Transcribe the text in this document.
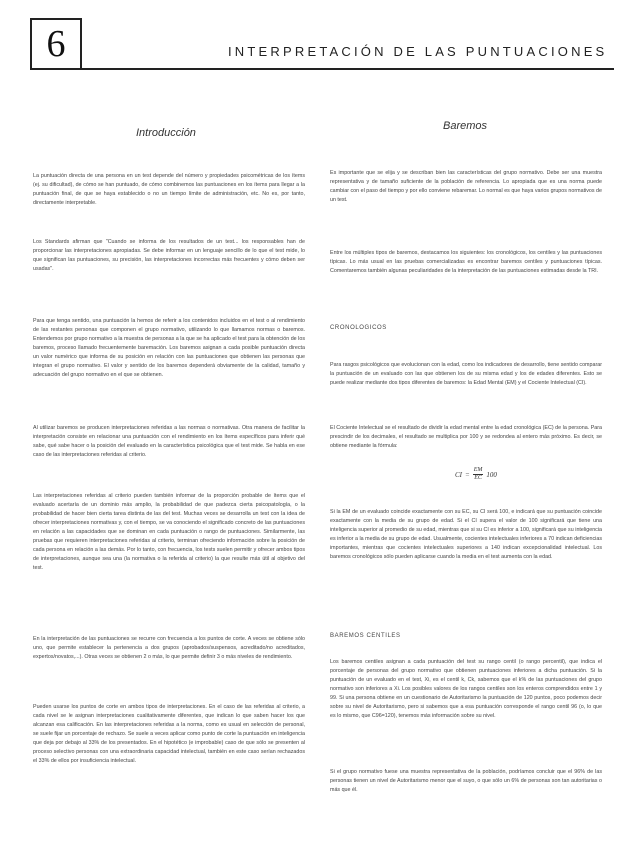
6	INTERPRETACIÓN DE LAS PUNTUACIONES
Introducción

La puntuación directa de una persona en un test depende del número y propiedades psicométricas de los ítems (ej. su dificultad), de cómo se han puntuado, de cómo combinemos las puntuaciones en los ítems para llegar a la puntuación final, de que se haya establecido o no un tiempo límite de administración, etc. No es, por tanto, directamente interpretable.

Los Standards afirman que "Cuando se informa de los resultados de un test... los responsables han de proporcionar las interpretaciones apropiadas. Se debe informar en un lenguaje sencillo de lo que el test mide, lo que significan las puntuaciones, su precisión, las interpretaciones incorrectas más frecuentes y cómo deben ser usadas".

Para que tenga sentido, una puntuación la hemos de referir a los contenidos incluidos en el test o al rendimiento de las restantes personas que componen el grupo normativo, utilizando lo que llamamos normas o baremos. Entendemos por grupo normativo a la muestra de personas a la que se ha aplicado el test para la obtención de los baremos, proceso llamado frecuentemente baremación. Los baremos asignan a cada posible puntuación directa un valor numérico que informa de su posición en relación con las puntuaciones que obtienen las personas que integran el grupo normativo. El valor y sentido de los baremos dependerá obviamente de la calidad, tamaño y adecuación del grupo normativo en el que se obtienen.

Al utilizar baremos se producen interpretaciones referidas a las normas o normativas. Otra manera de facilitar la interpretación consiste en relacionar una puntuación con el rendimiento en los ítems específicos para inferir qué sabe, qué sabe hacer o la posición del evaluado en la característica psicológica que el test mide. Se habla en ese caso de las interpretaciones referidas al criterio.

Las interpretaciones referidas al criterio pueden también informar de la proporción probable de ítems que el evaluado acertaría de un dominio más amplio, la probabilidad de que padezca cierta psicopatología, o la probabilidad de hacer bien cierta tarea distinta de las del test. Muchas veces se desarrolla un test con la idea de ofrecer interpretaciones normativas y, con el tiempo, se va conociendo el significado concreto de las puntuaciones en relación a las capacidades que se dominan en cada puntuación o rango de puntuaciones. Similarmente, las pruebas que requieren interpretaciones referidas al criterio, terminan ofreciendo información sobre la posición de cada persona en relación a las demás. Por lo tanto, con frecuencia, los tests suelen permitir y ofrecer ambos tipos de interpretaciones, aunque sea una (la normativa o la referida al criterio) la que resulte más útil al objetivo del test.

En la interpretación de las puntuaciones se recurre con frecuencia a los puntos de corte. A veces se obtiene sólo uno, que permite establecer la pertenencia a dos grupos (aprobados/suspensos, acreditado/no acreditados, expertos/novatos,...). Otras veces se obtienen 2 o más, lo que permite definir 3 o más niveles de rendimiento.

Pueden usarse los puntos de corte en ambos tipos de interpretaciones. En el caso de las referidas al criterio, a cada nivel se le asignan interpretaciones cualitativamente diferentes, que indican lo que saben hacer los que alcanzan esa calificación. En las interpretaciones referidas a la norma, como es usual en selección de personal, se suele fijar un porcentaje de rechazo. Se suele a veces aplicar como punto de corte la puntuación en inteligencia que deja por debajo al 33% de los presentados. En el hipotético (e improbable) caso de que sólo se presenten al proceso selectivo personas con una extraordinaria capacidad intelectual, también en este caso serían rechazados el 33% de ellos por insuficiencia intelectual.

Baremos

Es importante que se elija y se describan bien las características del grupo normativo. Debe ser una muestra representativa y de tamaño suficiente de la población de referencia. Lo apropiada que es una norma puede cambiar con el paso del tiempo y por ello conviene rebaremar. Lo normal es que haya varios grupos normativos de un test.

Entre los múltiples tipos de baremos, destacamos los siguientes: los cronológicos, los centiles y las puntuaciones típicas. Lo más usual en las pruebas comercializadas es encontrar baremos centiles y puntuaciones típicas. Comentaremos también algunas peculiaridades de la interpretación de las puntuaciones estimadas desde la TRI.

CRONOLOGICOS

Para rasgos psicológicos que evolucionan con la edad, como los indicadores de desarrollo, tiene sentido comparar la puntuación de un evaluado con las que obtienen los de su misma edad y los de edades diferentes. Esto se puede realizar mediante dos tipos diferentes de baremos: la Edad Mental (EM) y el Cociente Intelectual (CI).

El Cociente Intelectual se el resultado de dividir la edad mental entre la edad cronológica (EC) de la persona. Para prescindir de los decimales, el resultado se multiplica por 100 y se redondea al entero más próximo. Es decir, se obtiene mediante la fórmula:

CI = $\frac{EM}{EC} 100$

Si la EM de un evaluado coincide exactamente con su EC, su CI será 100, e indicará que su puntuación coincide exactamente con la media de su grupo de edad. Si el CI supera el valor de 100 significará que tiene una inteligencia superior al promedio de su edad, mientras que si su CI es inferior a 100, significará que su inteligencia es inferior a la media de su grupo de edad. Usualmente, cocientes intelectuales inferiores a 70 indican deficiencias importantes, mientras que cocientes intelectuales superiores a 140 indican excepcionalidad intelectual. Los baremos cronológicos sólo pueden aplicarse cuando la media en el test aumenta con la edad.

BAREMOS CENTILES

Los baremos centiles asignan a cada puntuación del test su rango centil (o rango percentil), que indica el porcentaje de personas del grupo normativo que obtienen puntuaciones inferiores a dicha puntuación. Si la puntuación de un evaluado en el test, Xi, es el centil k, Ck, sabemos que el k% de las puntuaciones del grupo normativo son inferiores a Xi. Los posibles valores de los rangos centiles son los enteros comprendidos entre 1 y 99. Si una persona obtiene en un cuestionario de Autoritarismo la puntuación de 120 puntos, poco podemos decir sobre su nivel de Autoritarismo, pero si sabemos que a esa puntuación corresponde el rango centil 96 (o, lo que es lo mismo, que C96=120), tenemos más información sobre su nivel.

Si el grupo normativo fuese una muestra representativa de la población, podríamos concluir que el 96% de las personas tienen un nivel de Autoritarismo menor que el suyo, o que sólo un 6% de personas son tan autoritarias o más que él.
